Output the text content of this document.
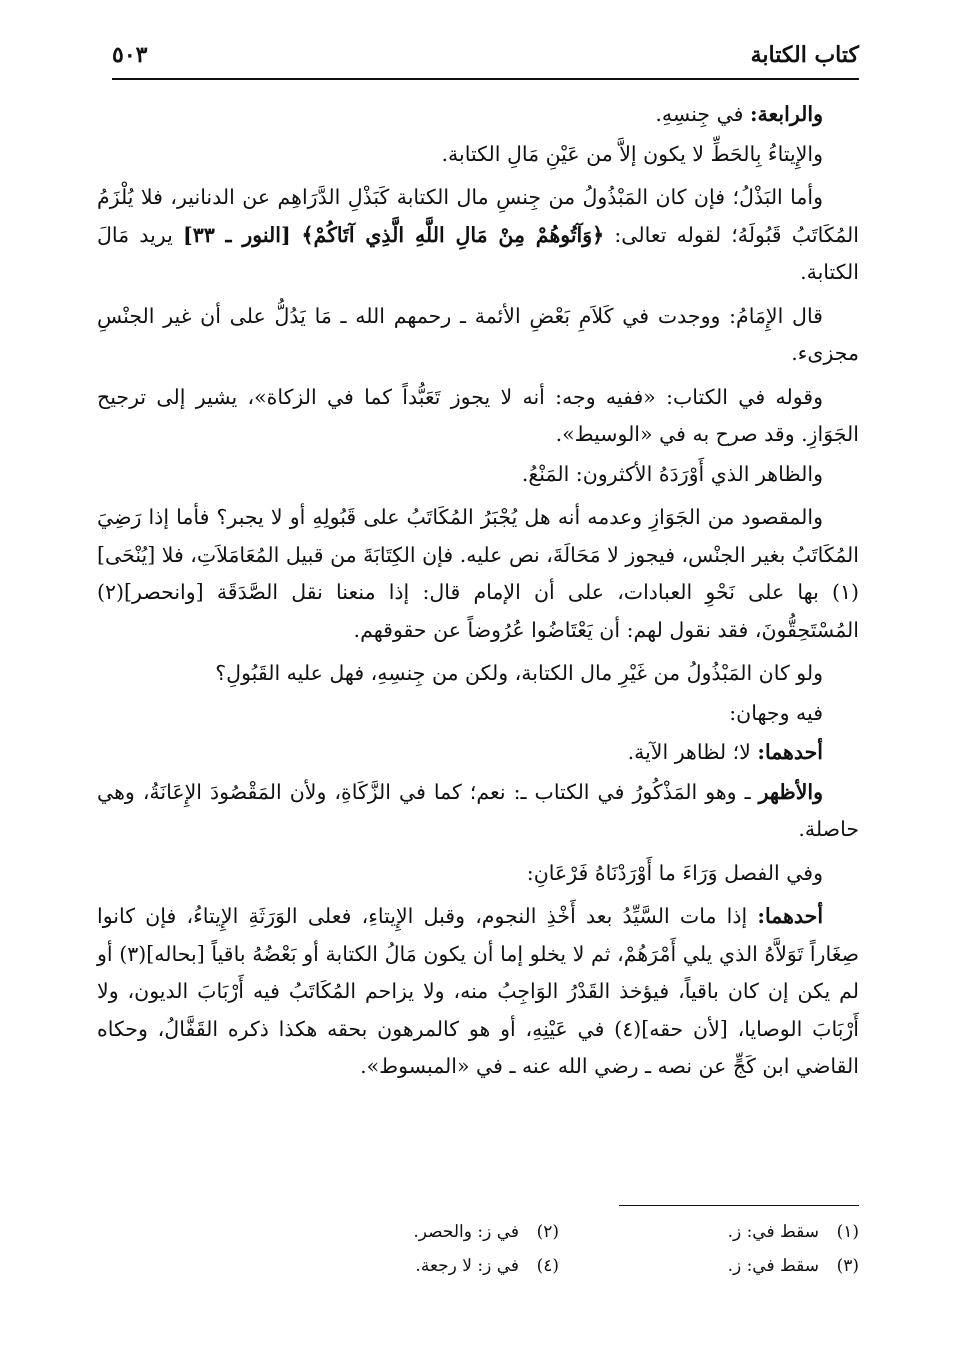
كتاب الكتابة
٥٠٣

والرابعة: في جِنسِهِ.

والإِيتاءُ بِالحَطِّ لا يكون إلاَّ من عَيْنِ مَالِ الكتابة.

وأما البَذْلُ؛ فإن كان المَبْذُولُ من جِنسِ مال الكتابة كَبَذْلِ الدَّرَاهِم عن الدنانير، فلا يُلْزَمُ المُكَاتَبُ قَبُولَهُ؛ لقوله تعالى: ﴿وَآتُوهُمْ مِنْ مَالِ اللَّهِ الَّذِي آتَاكُمْ﴾ [النور ـ ٣٣] يريد مَالَ الكتابة.

قال الإِمَامُ: ووجدت في كَلاَمِ بَعْضِ الأئمة ـ رحمهم الله ـ مَا يَدُلُّ على أن غير الجنْسِ مجزىء.

وقوله في الكتاب: «ففيه وجه: أنه لا يجوز تَعَبُّداً كما في الزكاة»، يشير إلى ترجيح الجَوَازِ. وقد صرح به في «الوسيط».

والظاهر الذي أَوْرَدَهُ الأكثرون: المَنْعُ.

والمقصود من الجَوَازِ وعدمه أنه هل يُجْبَرُ المُكَاتَبُ على قَبُولِهِ أو لا يجبر؟ فأما إذا رَضِيَ المُكَاتَبُ بغير الجنْس، فيجوز لا مَحَالَةَ، نص عليه. فإن الكِتَابَةَ من قبيل المُعَامَلاَتِ، فلا [يُنْحَى](١) بها على نَحْوِ العبادات، على أن الإمام قال: إذا منعنا نقل الصَّدَقَة [وانحصر](٢) المُسْتَحِقُّونَ، فقد نقول لهم: أن يَعْتَاضُوا عُرُوضاً عن حقوقهم.

ولو كان المَبْذُولُ من غَيْرِ مال الكتابة، ولكن من جِنسِهِ، فهل عليه القَبُولِ؟

فيه وجهان:

أحدهما: لا؛ لظاهر الآية.

والأظهر ـ وهو المَذْكُورُ في الكتاب ـ: نعم؛ كما في الزَّكَاةِ، ولأن المَقْصُودَ الإِعَانَةُ، وهي حاصلة.

وفي الفصل وَرَاءَ ما أَوْرَدْنَاهُ فَرْعَانِ:

أحدهما: إذا مات السَّيِّدُ بعد أَخْذِ النجوم، وقبل الإِيتاءِ، فعلى الوَرَثَةِ الإِيتاءُ، فإن كانوا صِغَاراً تَوَلاَّهُ الذي يلي أَمْرَهُمْ، ثم لا يخلو إما أن يكون مَالُ الكتابة أو بَعْضُهُ باقياً [بحاله](٣) أو لم يكن إن كان باقياً، فيؤخذ القَدْرُ الوَاجِبُ منه، ولا يزاحم المُكَاتَبُ فيه أَرْبَابَ الديون، ولا أَرْبَابَ الوصايا، [لأن حقه](٤) في عَيْنِهِ، أو هو كالمرهون بحقه هكذا ذكره القَفَّالُ، وحكاه القاضي ابن كَجٍّ عن نصه ـ رضي الله عنه ـ في «المبسوط».

(١)سقط في: ز.
(٢)في ز: والحصر.
(٣)سقط في: ز.
(٤)في ز: لا رجعة.
